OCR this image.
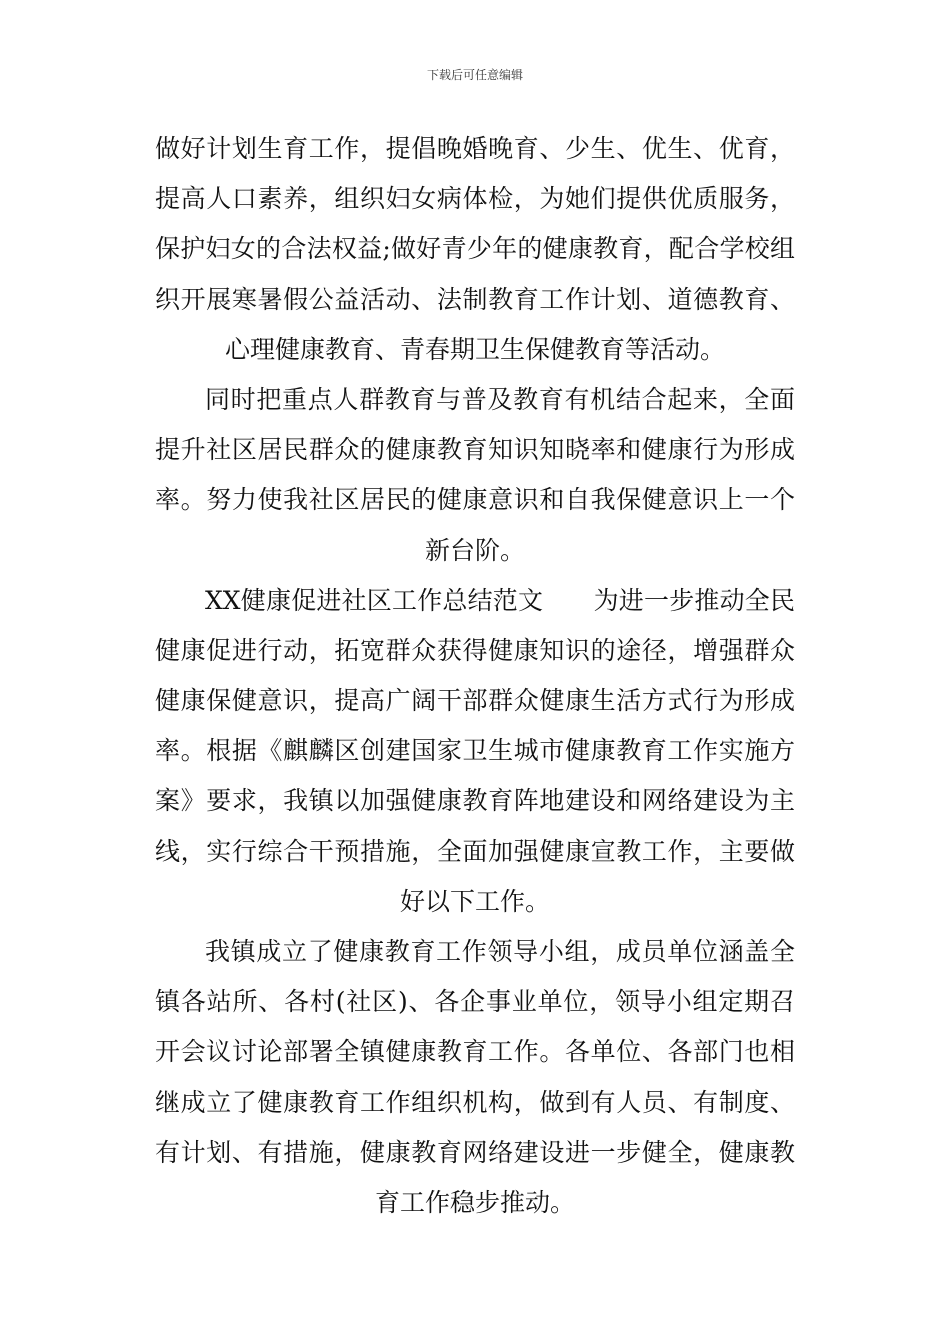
下载后可任意编辑
做好计划生育工作，提倡晚婚晚育、少生、优生、优育，
提高人口素养，组织妇女病体检，为她们提供优质服务，
保护妇女的合法权益;做好青少年的健康教育，配合学校组
织开展寒暑假公益活动、法制教育工作计划、道德教育、
心理健康教育、青春期卫生保健教育等活动。
同时把重点人群教育与普及教育有机结合起来，全面
提升社区居民群众的健康教育知识知晓率和健康行为形成
率。努力使我社区居民的健康意识和自我保健意识上一个
新台阶。
XX健康促进社区工作总结范文　　为进一步推动全民
健康促进行动，拓宽群众获得健康知识的途径，增强群众
健康保健意识，提高广阔干部群众健康生活方式行为形成
率。根据《麒麟区创建国家卫生城市健康教育工作实施方
案》要求，我镇以加强健康教育阵地建设和网络建设为主
线，实行综合干预措施，全面加强健康宣教工作，主要做
好以下工作。
我镇成立了健康教育工作领导小组，成员单位涵盖全
镇各站所、各村(社区)、各企事业单位，领导小组定期召
开会议讨论部署全镇健康教育工作。各单位、各部门也相
继成立了健康教育工作组织机构，做到有人员、有制度、
有计划、有措施，健康教育网络建设进一步健全，健康教
育工作稳步推动。
